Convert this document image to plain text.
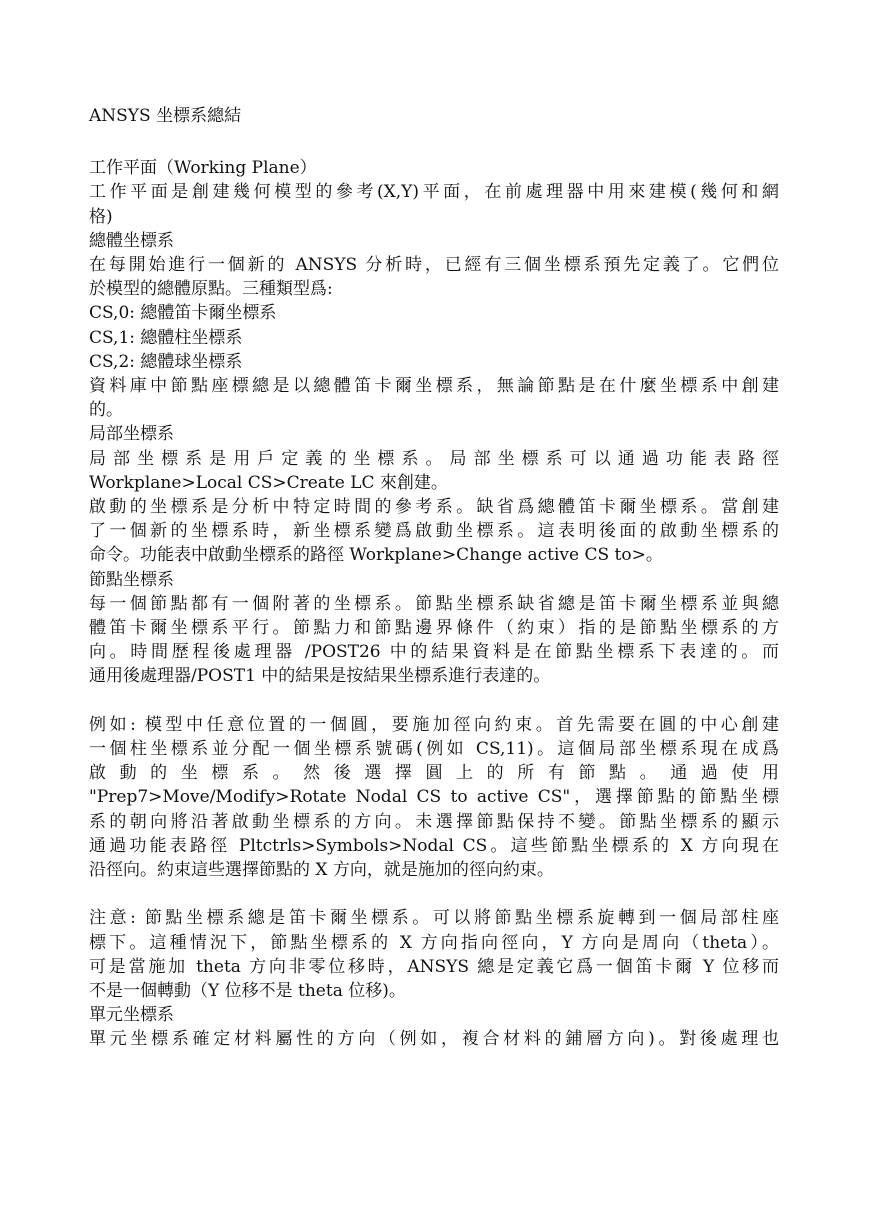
ANSYS 坐標系總結
工作平面（Working Plane）
工作平面是創建幾何模型的參考(X,Y)平面，在前處理器中用來建模(幾何和網
格)
總體坐標系
在每開始進行一個新的 ANSYS 分析時，已經有三個坐標系預先定義了。它們位
於模型的總體原點。三種類型爲:
CS,0: 總體笛卡爾坐標系
CS,1: 總體柱坐標系
CS,2: 總體球坐標系
資料庫中節點座標總是以總體笛卡爾坐標系，無論節點是在什麼坐標系中創建
的。
局部坐標系
局部坐標系是用戶定義的坐標系。局部坐標系可以通過功能表路徑
Workplane>Local CS>Create LC 來創建。
啟動的坐標系是分析中特定時間的參考系。缺省爲總體笛卡爾坐標系。當創建
了一個新的坐標系時，新坐標系變爲啟動坐標系。這表明後面的啟動坐標系的
命令。功能表中啟動坐標系的路徑 Workplane>Change active CS to>。
節點坐標系
每一個節點都有一個附著的坐標系。節點坐標系缺省總是笛卡爾坐標系並與總
體笛卡爾坐標系平行。節點力和節點邊界條件（約束）指的是節點坐標系的方
向。時間歷程後處理器 /POST26 中的結果資料是在節點坐標系下表達的。而
通用後處理器/POST1 中的結果是按結果坐標系進行表達的。
例如: 模型中任意位置的一個圓，要施加徑向約束。首先需要在圓的中心創建
一個柱坐標系並分配一個坐標系號碼(例如 CS,11)。這個局部坐標系現在成爲
啟動的坐標系。然後選擇圓上的所有節點。通過使用
"Prep7>Move/Modify>Rotate Nodal CS to active CS"，選擇節點的節點坐標
系的朝向將沿著啟動坐標系的方向。未選擇節點保持不變。節點坐標系的顯示
通過功能表路徑 Pltctrls>Symbols>Nodal CS。這些節點坐標系的 X 方向現在
沿徑向。約束這些選擇節點的 X 方向，就是施加的徑向約束。
注意: 節點坐標系總是笛卡爾坐標系。可以將節點坐標系旋轉到一個局部柱座
標下。這種情況下，節點坐標系的 X 方向指向徑向，Y 方向是周向（theta）。
可是當施加 theta 方向非零位移時，ANSYS 總是定義它爲一個笛卡爾 Y 位移而
不是一個轉動（Y 位移不是 theta 位移)。
單元坐標系
單元坐標系確定材料屬性的方向（例如，複合材料的鋪層方向)。對後處理也
